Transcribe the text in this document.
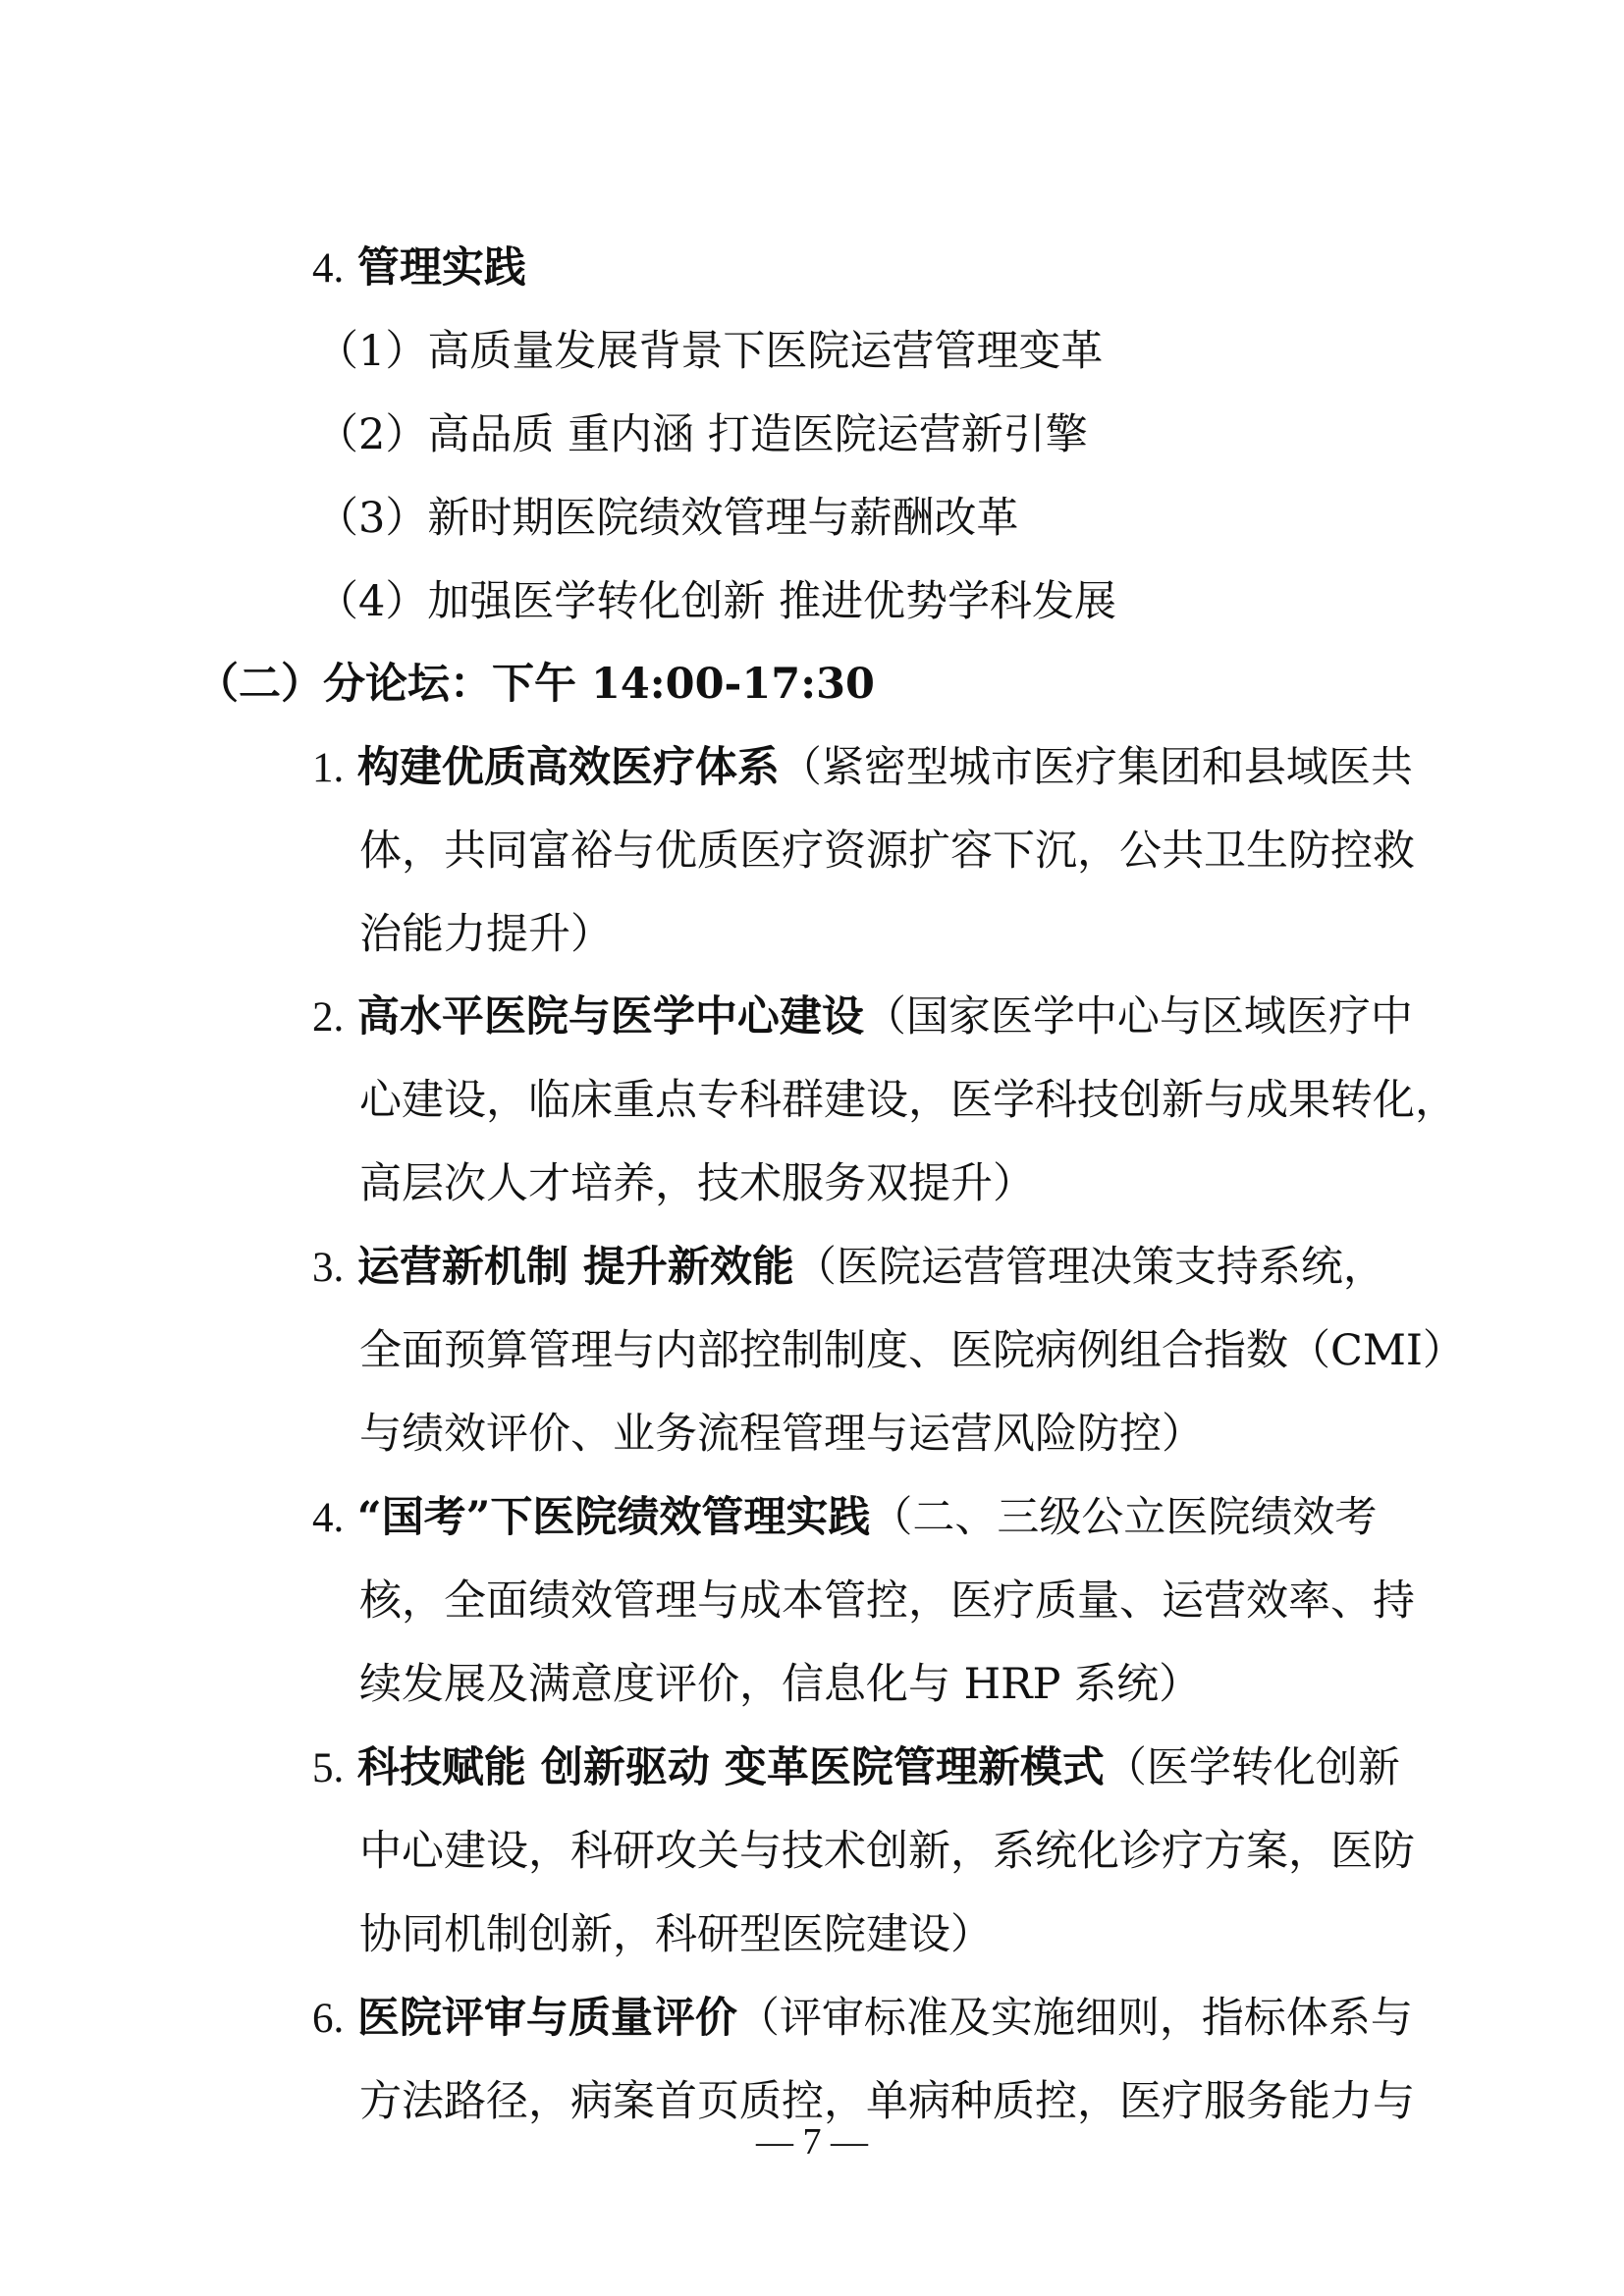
4. 管理实践
（1）高质量发展背景下医院运营管理变革
（2）高品质 重内涵 打造医院运营新引擎
（3）新时期医院绩效管理与薪酬改革
（4）加强医学转化创新 推进优势学科发展
（二）分论坛：下午 14:00-17:30
1. 构建优质高效医疗体系（紧密型城市医疗集团和县域医共
体，共同富裕与优质医疗资源扩容下沉，公共卫生防控救
治能力提升）
2. 高水平医院与医学中心建设（国家医学中心与区域医疗中
心建设，临床重点专科群建设，医学科技创新与成果转化，
高层次人才培养，技术服务双提升）
3. 运营新机制 提升新效能（医院运营管理决策支持系统，
全面预算管理与内部控制制度、医院病例组合指数（CMI）
与绩效评价、业务流程管理与运营风险防控）
4. “国考”下医院绩效管理实践（二、三级公立医院绩效考
核，全面绩效管理与成本管控，医疗质量、运营效率、持
续发展及满意度评价，信息化与 HRP 系统）
5. 科技赋能 创新驱动 变革医院管理新模式（医学转化创新
中心建设，科研攻关与技术创新，系统化诊疗方案，医防
协同机制创新，科研型医院建设）
6. 医院评审与质量评价（评审标准及实施细则，指标体系与
方法路径，病案首页质控，单病种质控，医疗服务能力与
— 7 —
